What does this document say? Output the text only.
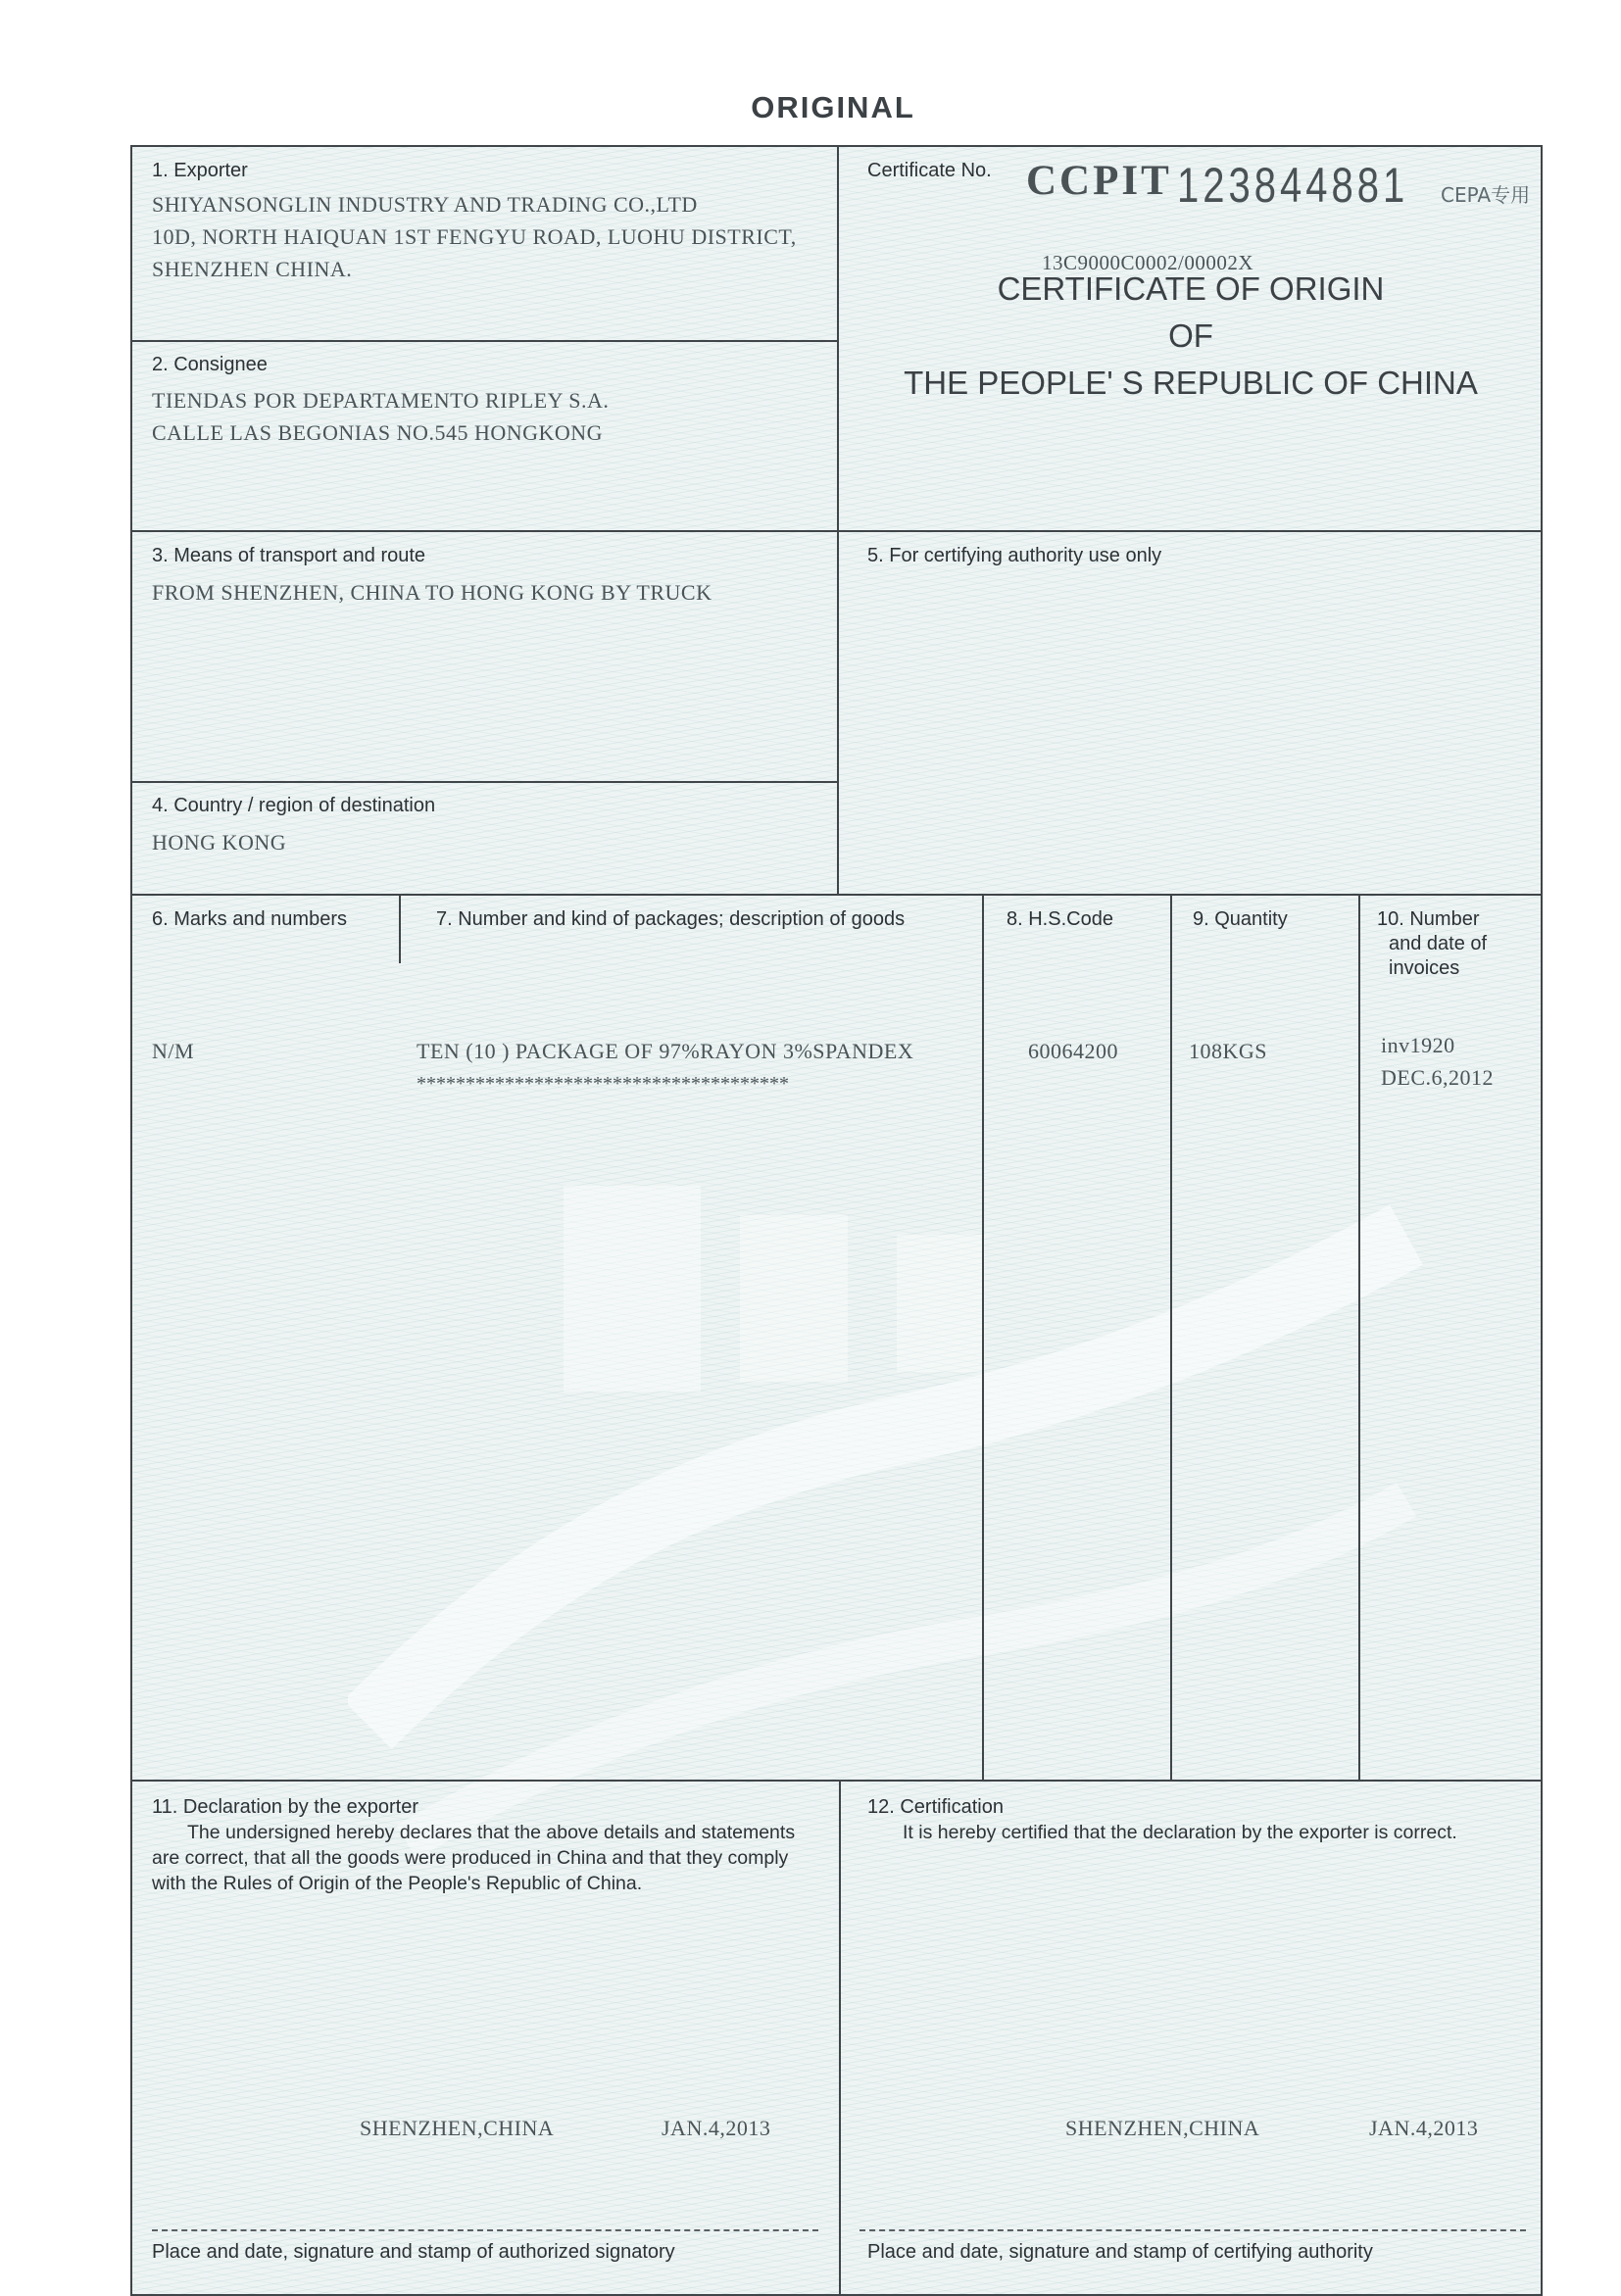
ORIGINAL
1. Exporter
SHIYANSONGLIN INDUSTRY AND TRADING CO.,LTD
10D, NORTH HAIQUAN 1ST FENGYU ROAD, LUOHU DISTRICT,
SHENZHEN CHINA.
2. Consignee
TIENDAS POR DEPARTAMENTO RIPLEY S.A.
CALLE LAS BEGONIAS NO.545 HONGKONG
Certificate No. CCPIT 123844881 CEPA专用
13C9000C0002/00002X
CERTIFICATE OF ORIGIN
OF
THE PEOPLE' S REPUBLIC OF CHINA
3. Means of transport and route
FROM SHENZHEN, CHINA TO HONG KONG BY TRUCK
4. Country / region of destination
HONG KONG
5. For certifying authority use only
6. Marks and numbers	7. Number and kind of packages; description of goods	8. H.S.Code	9. Quantity	10. Number
and date of
invoices
N/M	TEN (10 ) PACKAGE OF 97%RAYON 3%SPANDEX
**************************************
60064200	108KGS	inv1920
DEC.6,2012
11. Declaration by the exporter
The undersigned hereby declares that the above details and statements are correct, that all the goods were produced in China and that they comply with the Rules of Origin of the People's Republic of China.
SHENZHEN,CHINA	JAN.4,2013
Place and date, signature and stamp of authorized signatory
12. Certification
It is hereby certified that the declaration by the exporter is correct.
SHENZHEN,CHINA	JAN.4,2013
Place and date, signature and stamp of certifying authority
